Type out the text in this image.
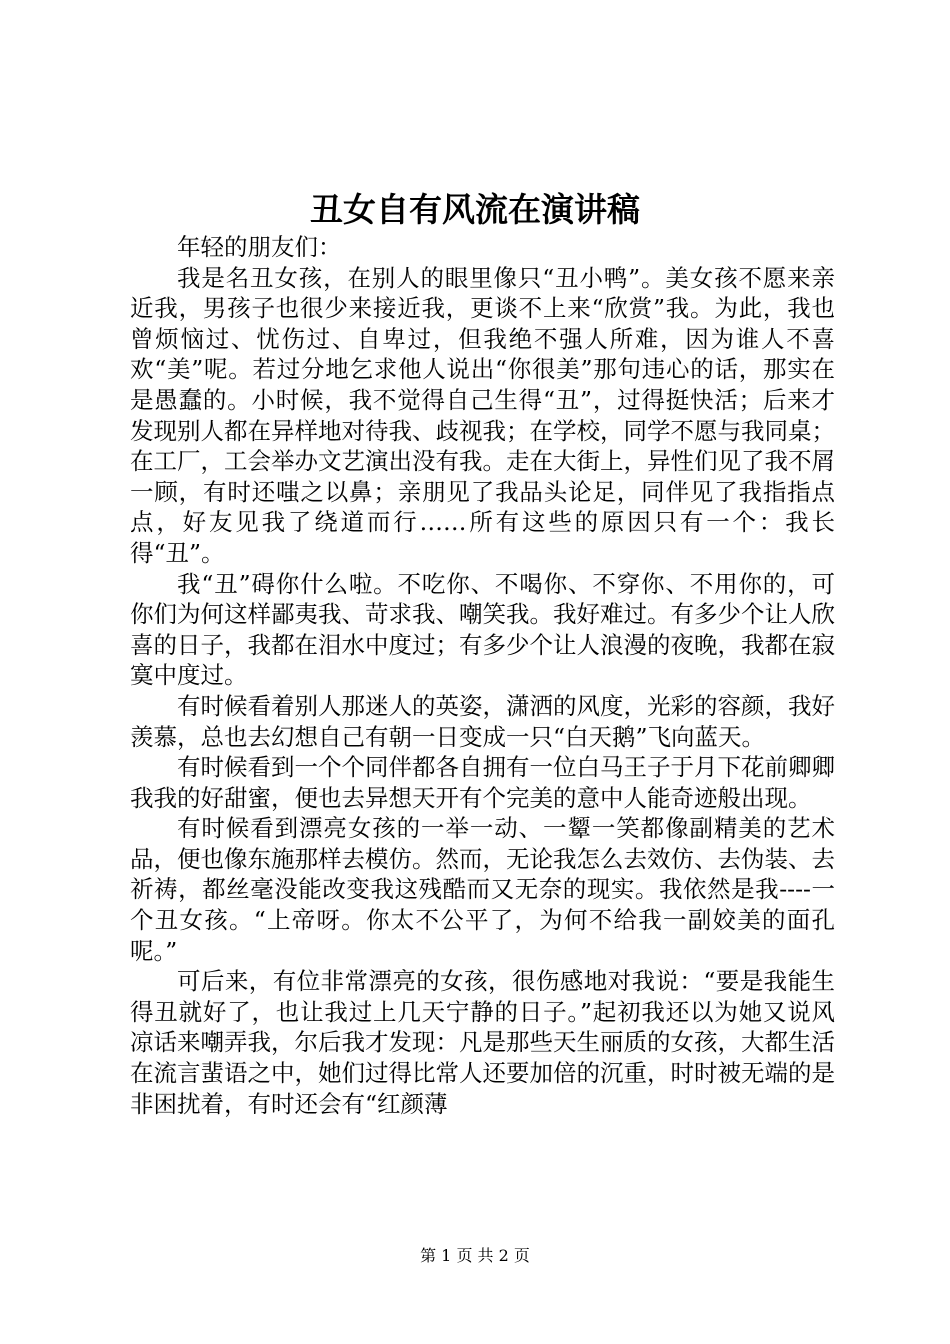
丑女自有风流在演讲稿

年轻的朋友们：

我是名丑女孩，在别人的眼里像只“丑小鸭”。美女孩不愿来亲近我，男孩子也很少来接近我，更谈不上来“欣赏”我。为此，我也曾烦恼过、忧伤过、自卑过，但我绝不强人所难，因为谁人不喜欢“美”呢。若过分地乞求他人说出“你很美”那句违心的话，那实在是愚蠢的。小时候，我不觉得自己生得“丑”，过得挺快活；后来才发现别人都在异样地对待我、歧视我；在学校，同学不愿与我同桌；在工厂，工会举办文艺演出没有我。走在大街上，异性们见了我不屑一顾，有时还嗤之以鼻；亲朋见了我品头论足，同伴见了我指指点点，好友见我了绕道而行……所有这些的原因只有一个：我长得“丑”。

我“丑”碍你什么啦。不吃你、不喝你、不穿你、不用你的，可你们为何这样鄙夷我、苛求我、嘲笑我。我好难过。有多少个让人欣喜的日子，我都在泪水中度过；有多少个让人浪漫的夜晚，我都在寂寞中度过。

有时候看着别人那迷人的英姿，潇洒的风度，光彩的容颜，我好羡慕，总也去幻想自己有朝一日变成一只“白天鹅”飞向蓝天。

有时候看到一个个同伴都各自拥有一位白马王子于月下花前卿卿我我的好甜蜜，便也去异想天开有个完美的意中人能奇迹般出现。

有时候看到漂亮女孩的一举一动、一颦一笑都像副精美的艺术品，便也像东施那样去模仿。然而，无论我怎么去效仿、去伪装、去祈祷，都丝毫没能改变我这残酷而又无奈的现实。我依然是我----一个丑女孩。“上帝呀。你太不公平了，为何不给我一副姣美的面孔呢。”

可后来，有位非常漂亮的女孩，很伤感地对我说：“要是我能生得丑就好了，也让我过上几天宁静的日子。”起初我还以为她又说风凉话来嘲弄我，尔后我才发现：凡是那些天生丽质的女孩，大都生活在流言蜚语之中，她们过得比常人还要加倍的沉重，时时被无端的是非困扰着，有时还会有“红颜薄

第 1 页 共 2 页
